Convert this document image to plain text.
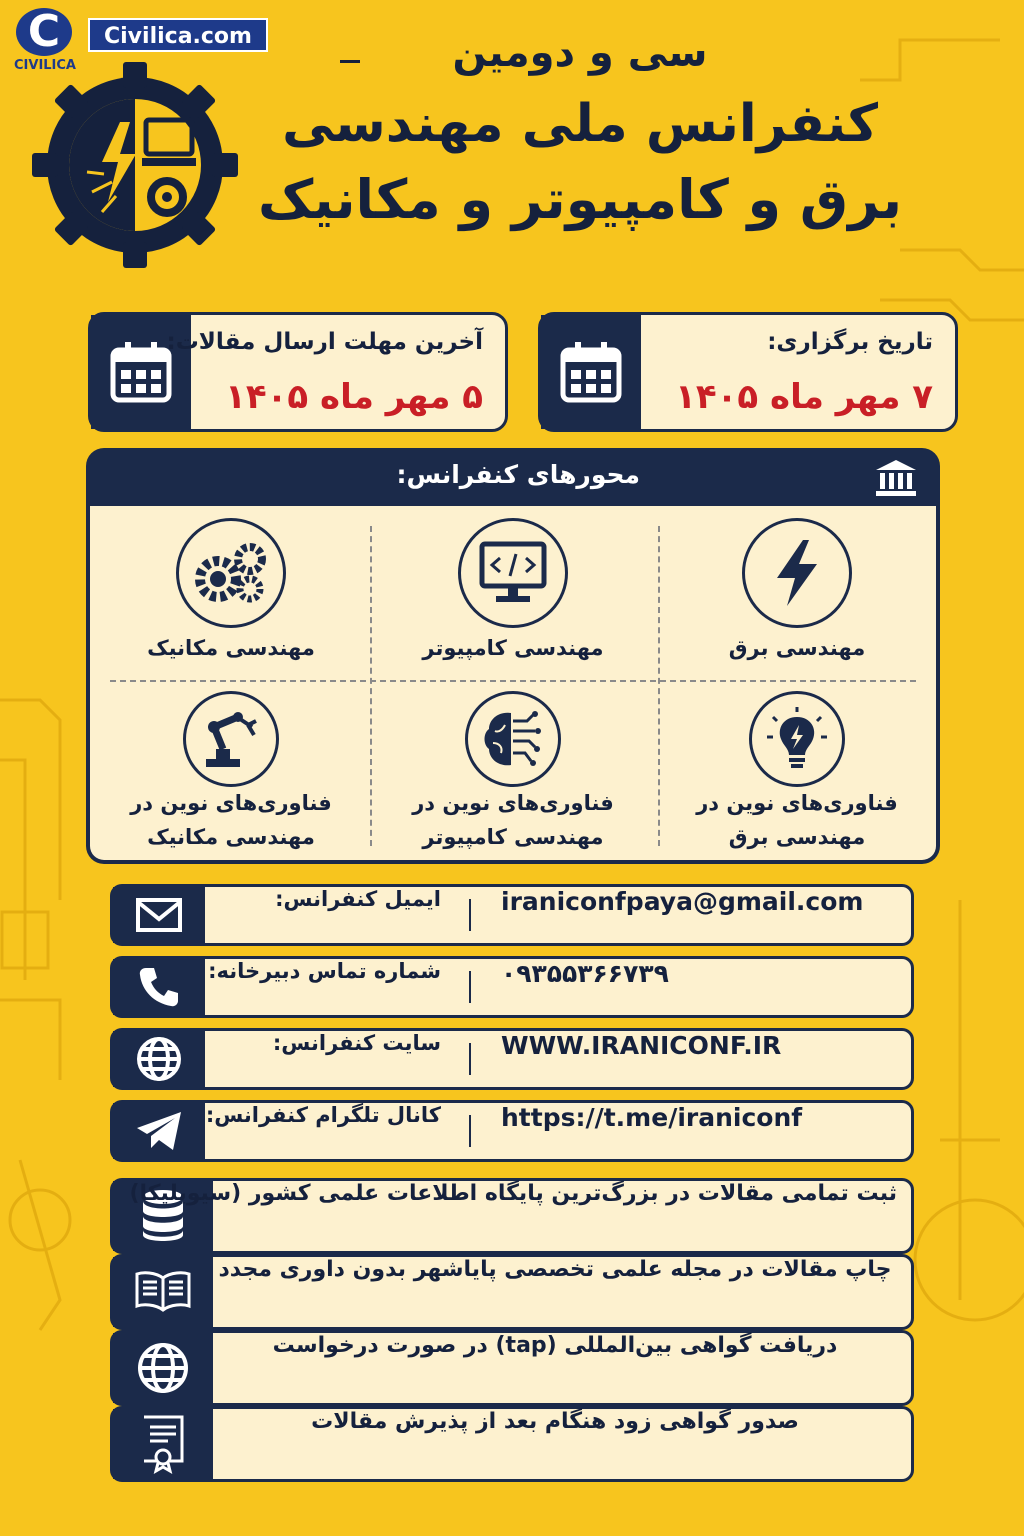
C
CIVILICA
Civilica.com	سی و دومین
کنفرانس ملی مهندسی
برق و کامپیوتر و مکانیک
تاریخ برگزاری:
۷ مهر ماه ۱۴۰۵
آخرین مهلت ارسال مقالات:
۵ مهر ماه ۱۴۰۵
محورهای کنفرانس:
مهندسی برق
مهندسی کامپیوتر
مهندسی مکانیک
فناوری‌های نوین در
مهندسی برق
فناوری‌های نوین در
مهندسی کامپیوتر
فناوری‌های نوین در
مهندسی مکانیک
ایمیل کنفرانس: iraniconfpaya@gmail.com
شماره تماس دبیرخانه: ۰۹۳۵۵۳۶۶۷۳۹
سایت کنفرانس: WWW.IRANICONF.IR
کانال تلگرام کنفرانس: https://t.me/iraniconf
ثبت تمامی مقالات در بزرگ‌ترین پایگاه اطلاعات علمی کشور (سیویلیکا)
چاپ مقالات در مجله علمی تخصصی پایاشهر بدون داوری مجدد
دریافت گواهی بین‌المللی (tap) در صورت درخواست
صدور گواهی زود هنگام بعد از پذیرش مقالات
